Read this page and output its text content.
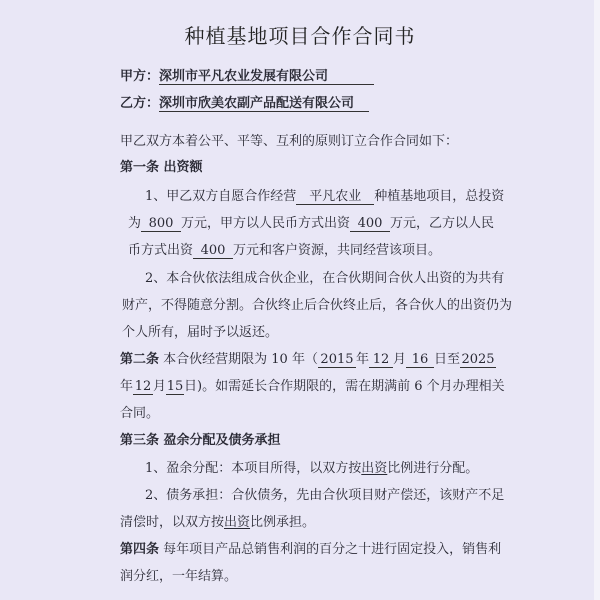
种植基地项目合作合同书
甲方：深圳市平凡农业发展有限公司
乙方：深圳市欣美农副产品配送有限公司
甲乙双方本着公平、平等、互利的原则订立合作合同如下：
第一条 出资额
1、甲乙双方自愿合作经营 平凡农业 种植基地项目，总投资
为 800 万元，甲方以人民币方式出资 400 万元，乙方以人民
币方式出资 400 万元和客户资源，共同经营该项目。
2、本合伙依法组成合伙企业，在合伙期间合伙人出资的为共有
财产，不得随意分割。合伙终止后合伙终止后，各合伙人的出资仍为
个人所有，届时予以返还。
第二条 本合伙经营期限为 10 年（ 2015 年 12 月 16 日至2025
年 12 月15日)。如需延长合作期限的，需在期满前 6 个月办理相关
合同。
第三条 盈余分配及债务承担
1、盈余分配：本项目所得，以双方按出资比例进行分配。
2、债务承担：合伙债务，先由合伙项目财产偿还，该财产不足
清偿时，以双方按出资比例承担。
第四条 每年项目产品总销售利润的百分之十进行固定投入，销售利
润分红，一年结算。
